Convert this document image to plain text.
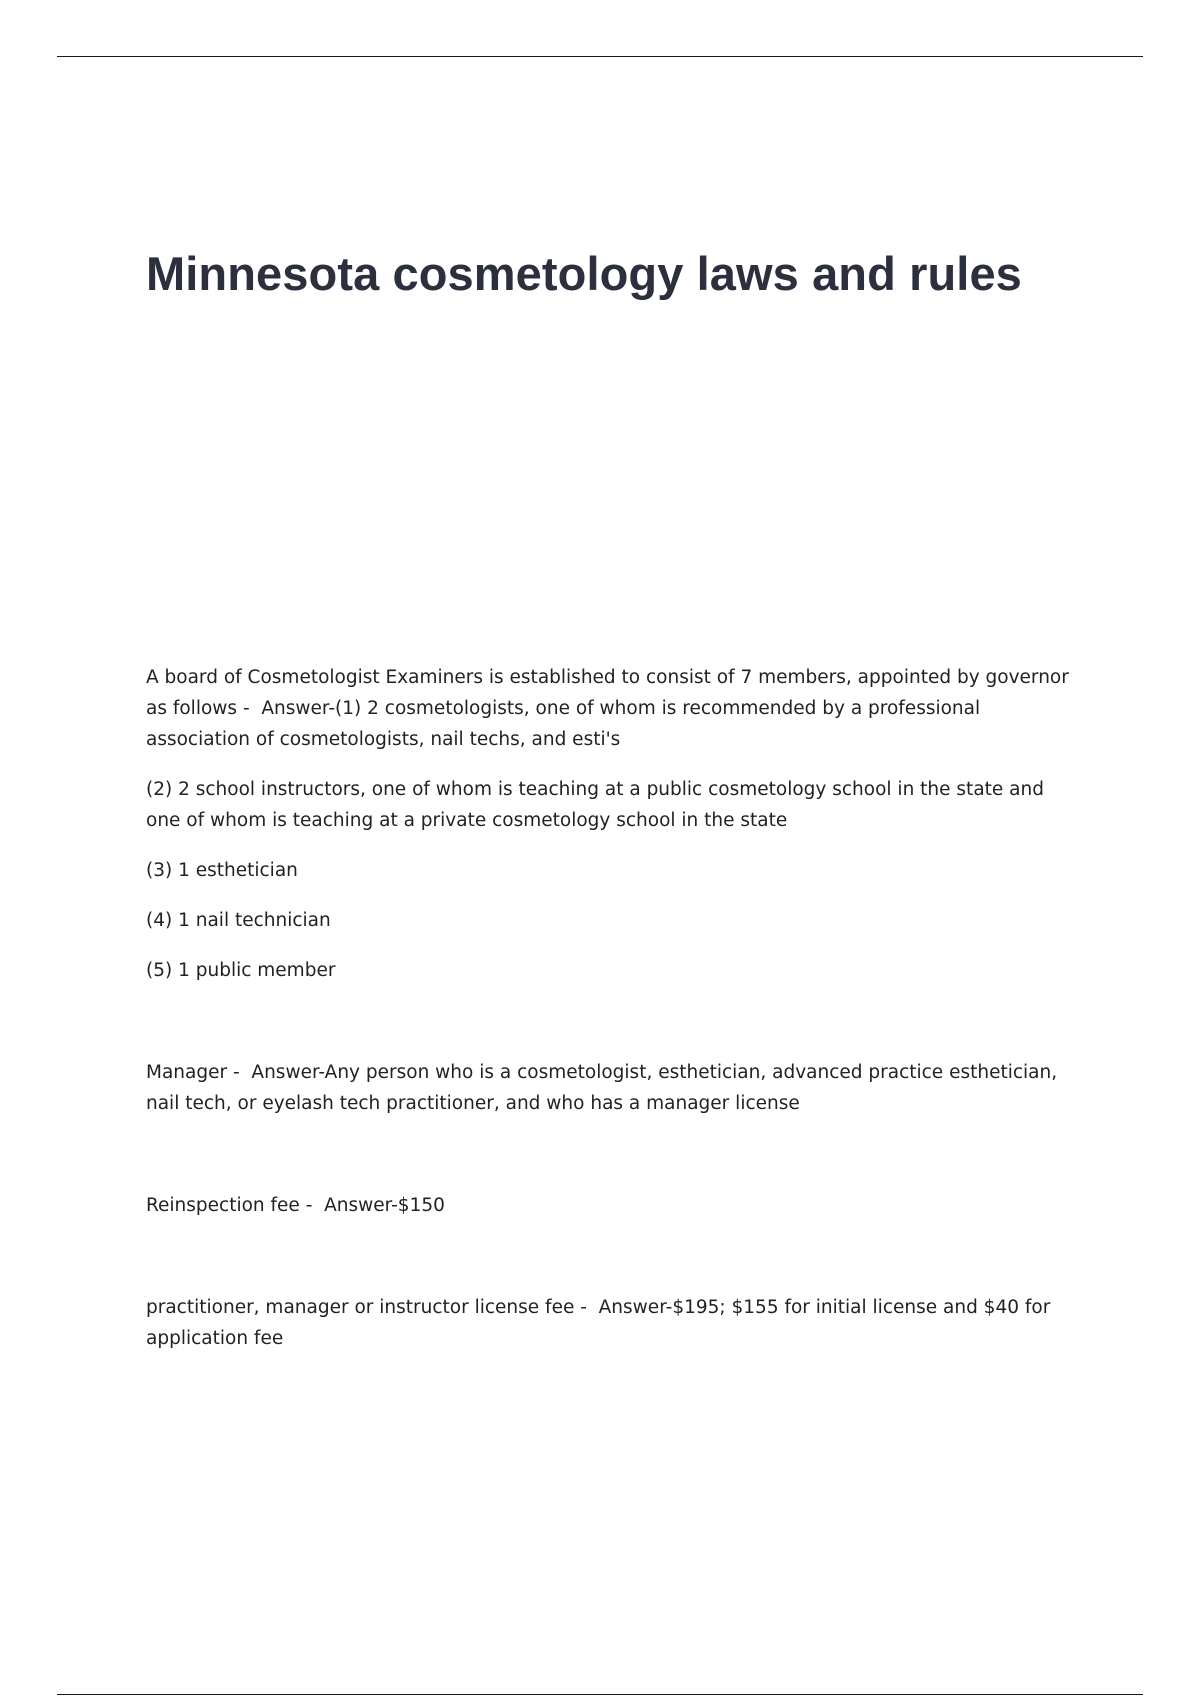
Minnesota cosmetology laws and rules

A board of Cosmetologist Examiners is established to consist of 7 members, appointed by governor as follows - Answer - (1) 2 cosmetologists, one of whom is recommended by a professional association of cosmetologists, nail techs, and esti's

(2) 2 school instructors, one of whom is teaching at a public cosmetology school in the state and one of whom is teaching at a private cosmetology school in the state

(3) 1 esthetician

(4) 1 nail technician

(5) 1 public member

Manager - Answer - Any person who is a cosmetologist, esthetician, advanced practice esthetician, nail tech, or eyelash tech practitioner, and who has a manager license

Reinspection fee - Answer - $150

practitioner, manager or instructor license fee - Answer - $195; $155 for initial license and $40 for application fee
